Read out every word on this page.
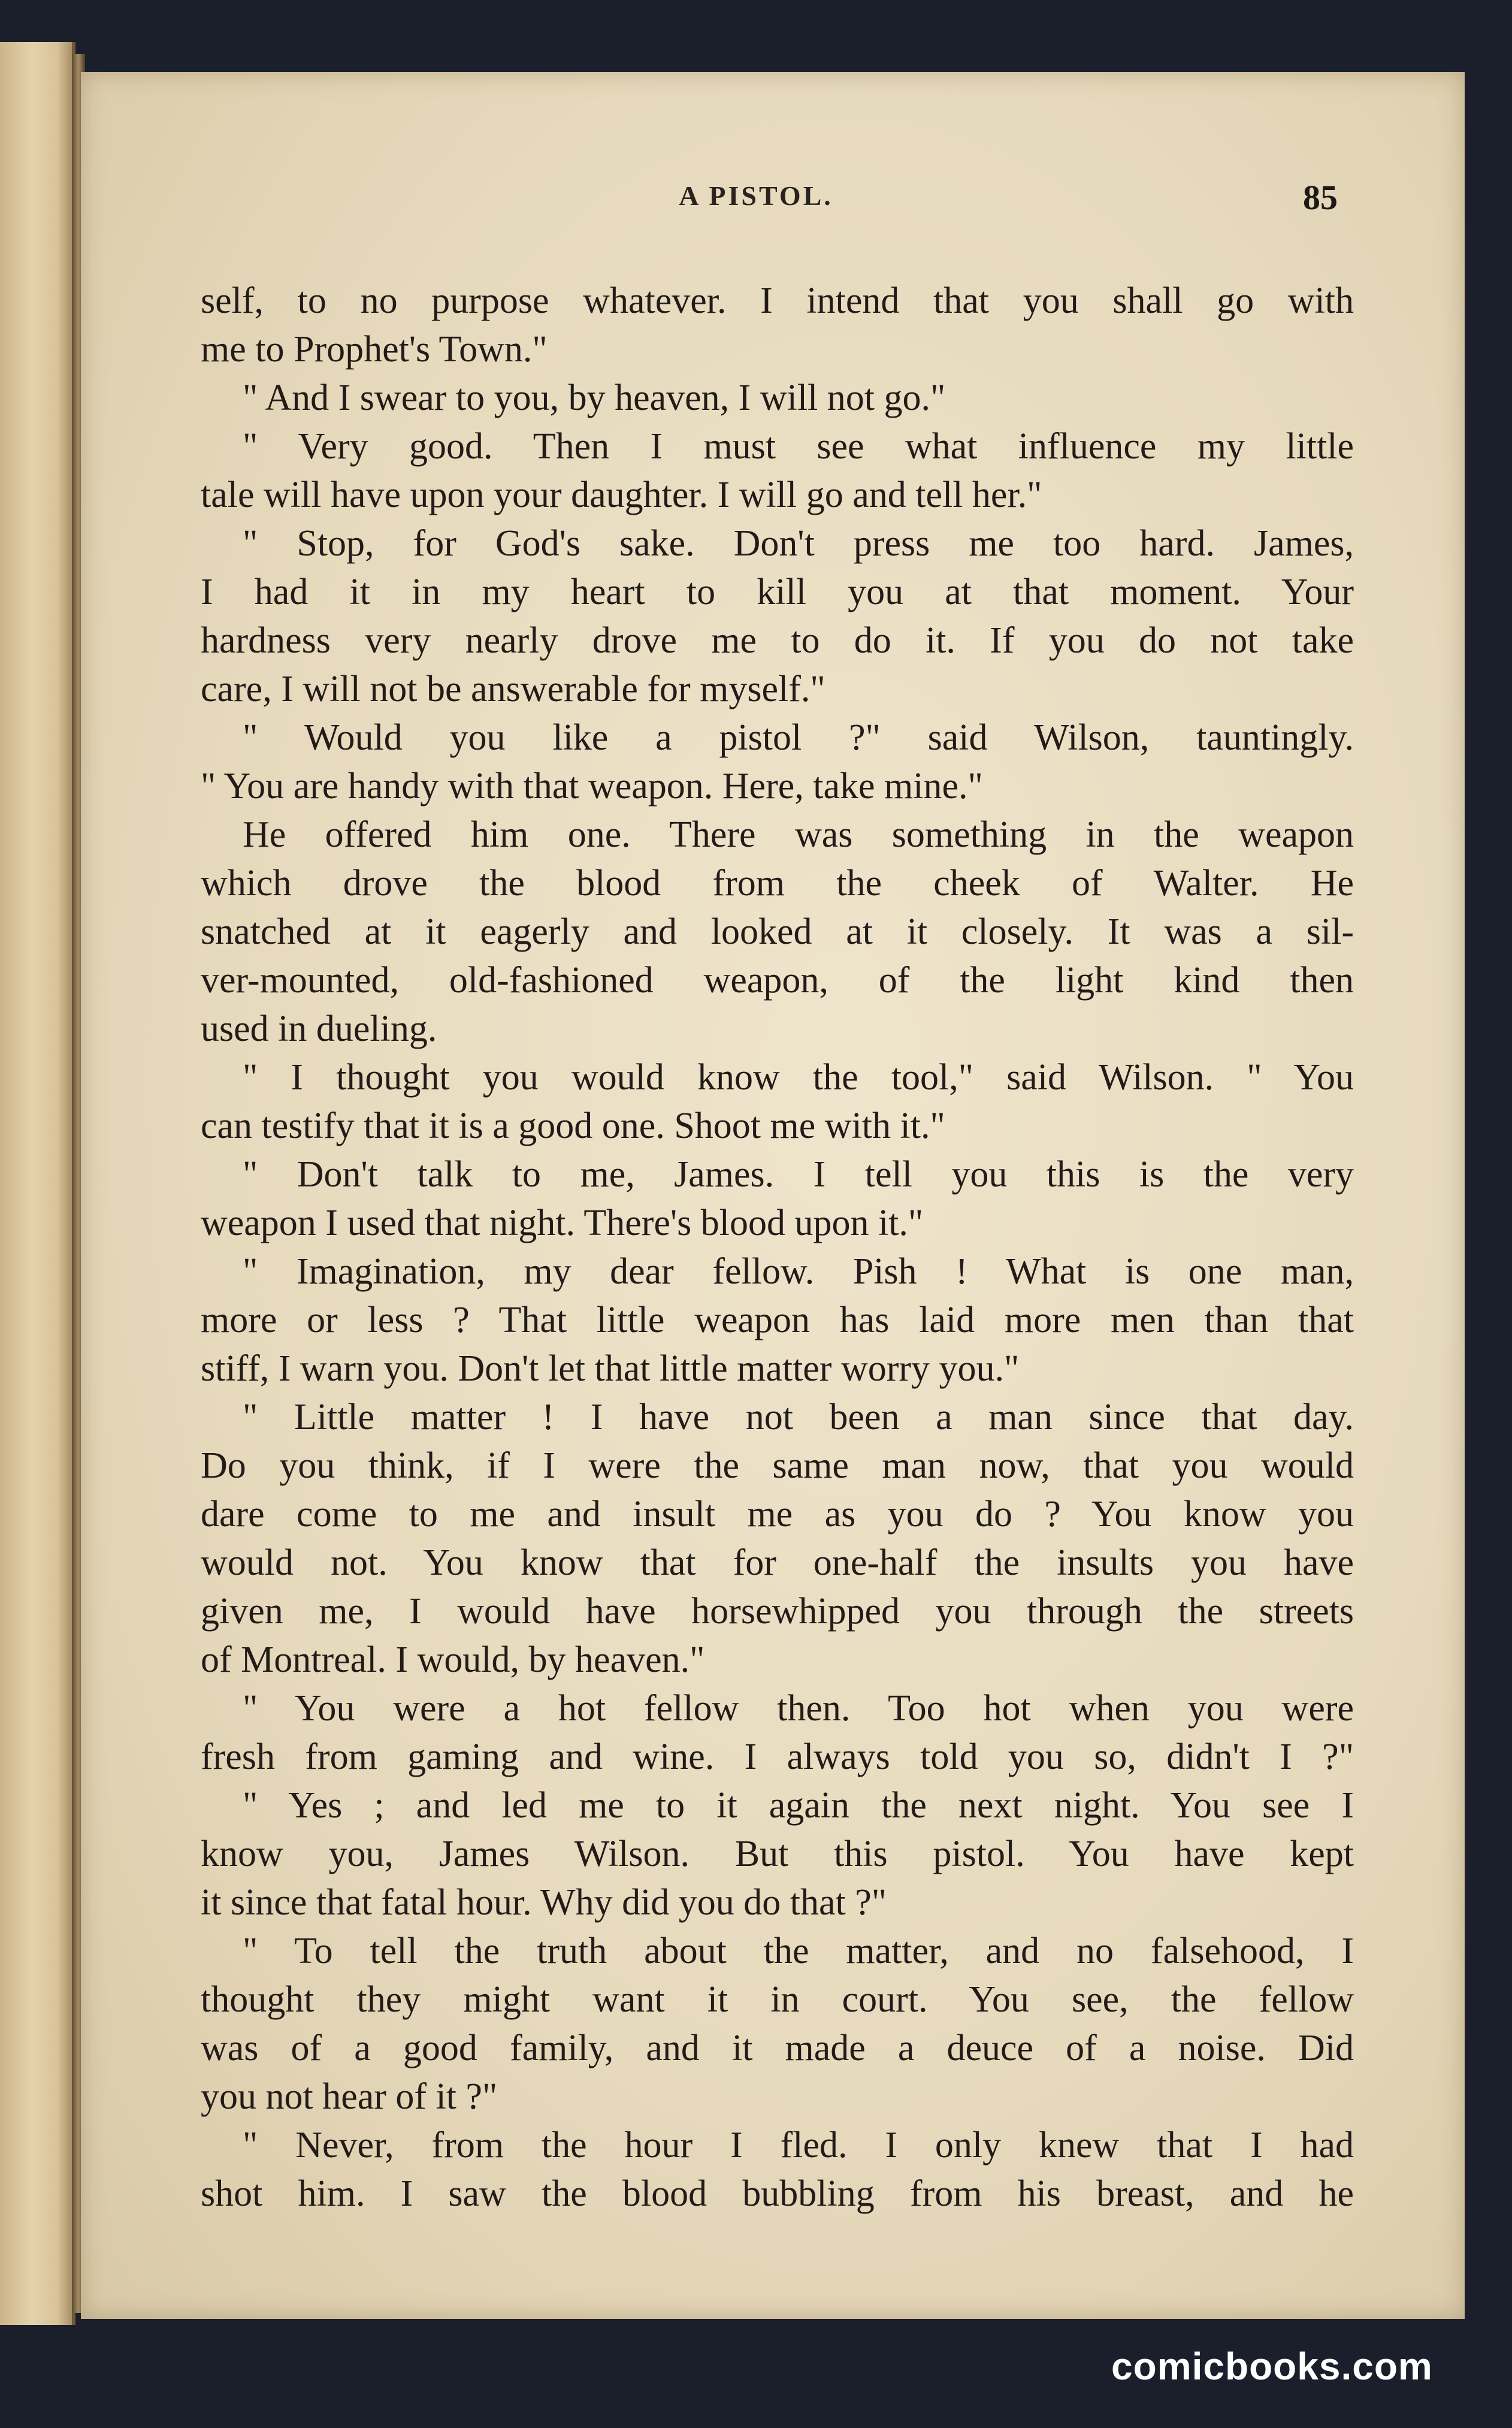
A PISTOL.	85
self, to no purpose whatever. I intend that you shall go with
me to Prophet's Town."
" And I swear to you, by heaven, I will not go."
" Very good. Then I must see what influence my little
tale will have upon your daughter. I will go and tell her."
" Stop, for God's sake. Don't press me too hard. James,
I had it in my heart to kill you at that moment. Your
hardness very nearly drove me to do it. If you do not take
care, I will not be answerable for myself."
" Would you like a pistol ?" said Wilson, tauntingly.
" You are handy with that weapon. Here, take mine."
He offered him one. There was something in the weapon
which drove the blood from the cheek of Walter. He
snatched at it eagerly and looked at it closely. It was a sil-
ver-mounted, old-fashioned weapon, of the light kind then
used in dueling.
" I thought you would know the tool," said Wilson. " You
can testify that it is a good one. Shoot me with it."
" Don't talk to me, James. I tell you this is the very
weapon I used that night. There's blood upon it."
" Imagination, my dear fellow. Pish ! What is one man,
more or less ? That little weapon has laid more men than that
stiff, I warn you. Don't let that little matter worry you."
" Little matter ! I have not been a man since that day.
Do you think, if I were the same man now, that you would
dare come to me and insult me as you do ? You know you
would not. You know that for one-half the insults you have
given me, I would have horsewhipped you through the streets
of Montreal. I would, by heaven."
" You were a hot fellow then. Too hot when you were
fresh from gaming and wine. I always told you so, didn't I ?"
" Yes ; and led me to it again the next night. You see I
know you, James Wilson. But this pistol. You have kept
it since that fatal hour. Why did you do that ?"
" To tell the truth about the matter, and no falsehood, I
thought they might want it in court. You see, the fellow
was of a good family, and it made a deuce of a noise. Did
you not hear of it ?"
" Never, from the hour I fled. I only knew that I had
shot him. I saw the blood bubbling from his breast, and he
comicbooks.com
